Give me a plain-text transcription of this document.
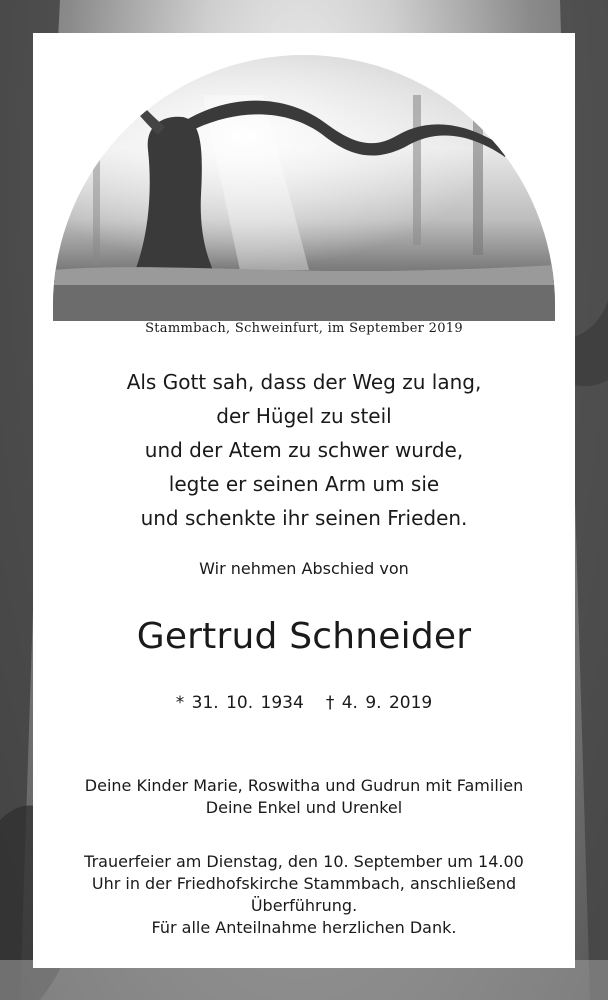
Stammbach, Schweinfurt, im September 2019
Als Gott sah, dass der Weg zu lang,
der Hügel zu steil
und der Atem zu schwer wurde,
legte er seinen Arm um sie
und schenkte ihr seinen Frieden.
Wir nehmen Abschied von
Gertrud Schneider
* 31. 10. 1934 † 4. 9. 2019
Deine Kinder Marie, Roswitha und Gudrun mit Familien
Deine Enkel und Urenkel
Trauerfeier am Dienstag, den 10. September um 14.00
Uhr in der Friedhofskirche Stammbach, anschließend
Überführung.
Für alle Anteilnahme herzlichen Dank.
